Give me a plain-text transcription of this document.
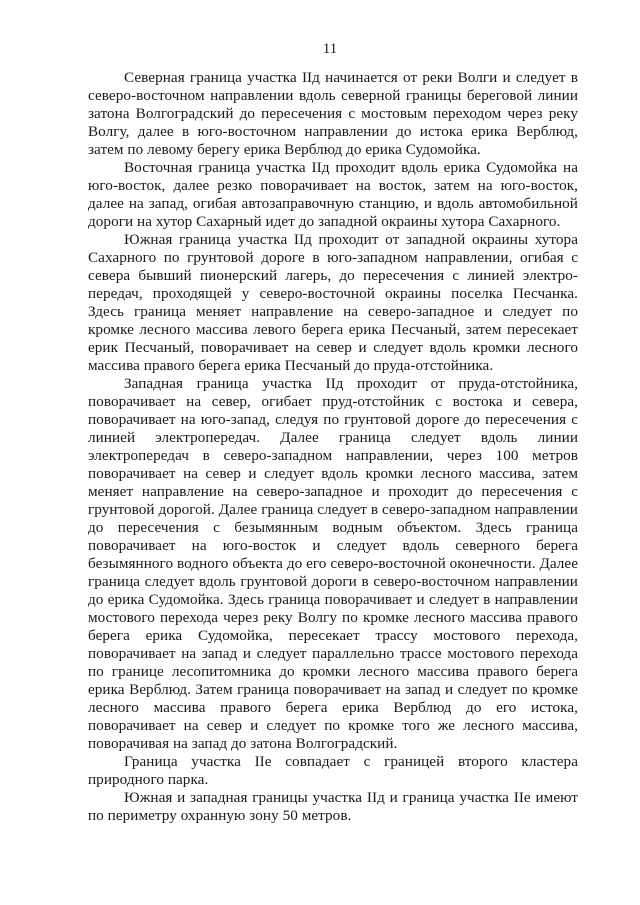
11

Северная граница участка IIд начинается от реки Волги и следует в северо-восточном направлении вдоль северной границы береговой линии затона Волгоградский до пересечения с мостовым переходом через реку Волгу, далее в юго-восточном направлении до истока ерика Верблюд, затем по левому берегу ерика Верблюд до ерика Судомойка.

Восточная граница участка IIд проходит вдоль ерика Судомойка на юго-восток, далее резко поворачивает на восток, затем на юго-восток, далее на запад, огибая автозаправочную станцию, и вдоль автомобильной дороги на хутор Сахарный идет до западной окраины хутора Сахарного.

Южная граница участка IIд проходит от западной окраины хутора Сахарного по грунтовой дороге в юго-западном направлении, огибая с севера бывший пионерский лагерь, до пересечения с линией электро-передач, проходящей у северо-восточной окраины поселка Песчанка. Здесь граница меняет направление на северо-западное и следует по кромке лесного массива левого берега ерика Песчаный, затем пересекает ерик Песчаный, поворачивает на север и следует вдоль кромки лесного массива правого берега ерика Песчаный до пруда-отстойника.

Западная граница участка IIд проходит от пруда-отстойника, поворачивает на север, огибает пруд-отстойник с востока и севера, поворачивает на юго-запад, следуя по грунтовой дороге до пересечения с линией электропередач. Далее граница следует вдоль линии электропередач в северо-западном направлении, через 100 метров поворачивает на север и следует вдоль кромки лесного массива, затем меняет направление на северо-западное и проходит до пересечения с грунтовой дорогой. Далее граница следует в северо-западном направлении до пересечения с безымянным водным объектом. Здесь граница поворачивает на юго-восток и следует вдоль северного берега безымянного водного объекта до его северо-восточной оконечности. Далее граница следует вдоль грунтовой дороги в северо-восточном направлении до ерика Судомойка. Здесь граница поворачивает и следует в направлении мостового перехода через реку Волгу по кромке лесного массива правого берега ерика Судомойка, пересекает трассу мостового перехода, поворачивает на запад и следует параллельно трассе мостового перехода по границе лесопитомника до кромки лесного массива правого берега ерика Верблюд. Затем граница поворачивает на запад и следует по кромке лесного массива правого берега ерика Верблюд до его истока, поворачивает на север и следует по кромке того же лесного массива, поворачивая на запад до затона Волгоградский.

Граница участка IIе совпадает с границей второго кластера природного парка.

Южная и западная границы участка IIд и граница участка IIе имеют по периметру охранную зону 50 метров.
